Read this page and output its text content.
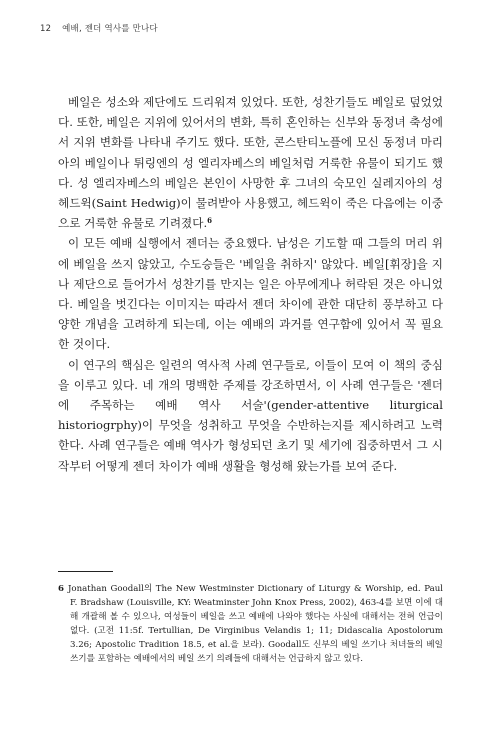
12 예배, 젠더 역사를 만나다

베일은 성소와 제단에도 드리워져 있었다. 또한, 성찬기들도 베일로 덮었었다. 또한, 베일은 지위에 있어서의 변화, 특히 혼인하는 신부와 동정녀 축성에서 지위 변화를 나타내 주기도 했다. 또한, 콘스탄티노플에 모신 동정녀 마리아의 베일이나 튀링엔의 성 엘리자베스의 베일처럼 거룩한 유물이 되기도 했다. 성 엘리자베스의 베일은 본인이 사망한 후 그녀의 숙모인 실레지아의 성 헤드윅(Saint Hedwig)이 물려받아 사용했고, 헤드윅이 죽은 다음에는 이중으로 거룩한 유물로 기려졌다.$^6$

이 모든 예배 실행에서 젠더는 중요했다. 남성은 기도할 때 그들의 머리 위에 베일을 쓰지 않았고, 수도승들은 '베일을 취하지' 않았다. 베일[휘장]을 지나 제단으로 들어가서 성찬기를 만지는 일은 아무에게나 허락된 것은 아니었다. 베일을 벗긴다는 이미지는 따라서 젠더 차이에 관한 대단히 풍부하고 다양한 개념을 고려하게 되는데, 이는 예배의 과거를 연구함에 있어서 꼭 필요한 것이다.

이 연구의 핵심은 일련의 역사적 사례 연구들로, 이들이 모여 이 책의 중심을 이루고 있다. 네 개의 명백한 주제를 강조하면서, 이 사례 연구들은 '젠더에 주목하는 예배 역사 서술'(gender-attentive liturgical historiogrphy)이 무엇을 성취하고 무엇을 수반하는지를 제시하려고 노력한다. 사례 연구들은 예배 역사가 형성되던 초기 및 세기에 집중하면서 그 시작부터 어떻게 젠더 차이가 예배 생활을 형성해 왔는가를 보여 준다.

6 Jonathan Goodall의 The New Westminster Dictionary of Liturgy & Worship, ed. Paul F. Bradshaw (Louisville, KY: Weatminster John Knox Press, 2002), 463-4를 보면 이에 대해 개괄해 볼 수 있으나, 여성들이 베일을 쓰고 예배에 나와야 했다는 사실에 대해서는 전혀 언급이 없다. (고전 11:5f. Tertullian, De Virginibus Velandis 1; 11; Didascalia Apostolorum 3.26; Apostolic Tradition 18.5, et al.을 보라). Goodall도 신부의 베일 쓰기나 처녀들의 베일 쓰기를 포함하는 예배에서의 베일 쓰기 의례들에 대해서는 언급하지 않고 있다.
